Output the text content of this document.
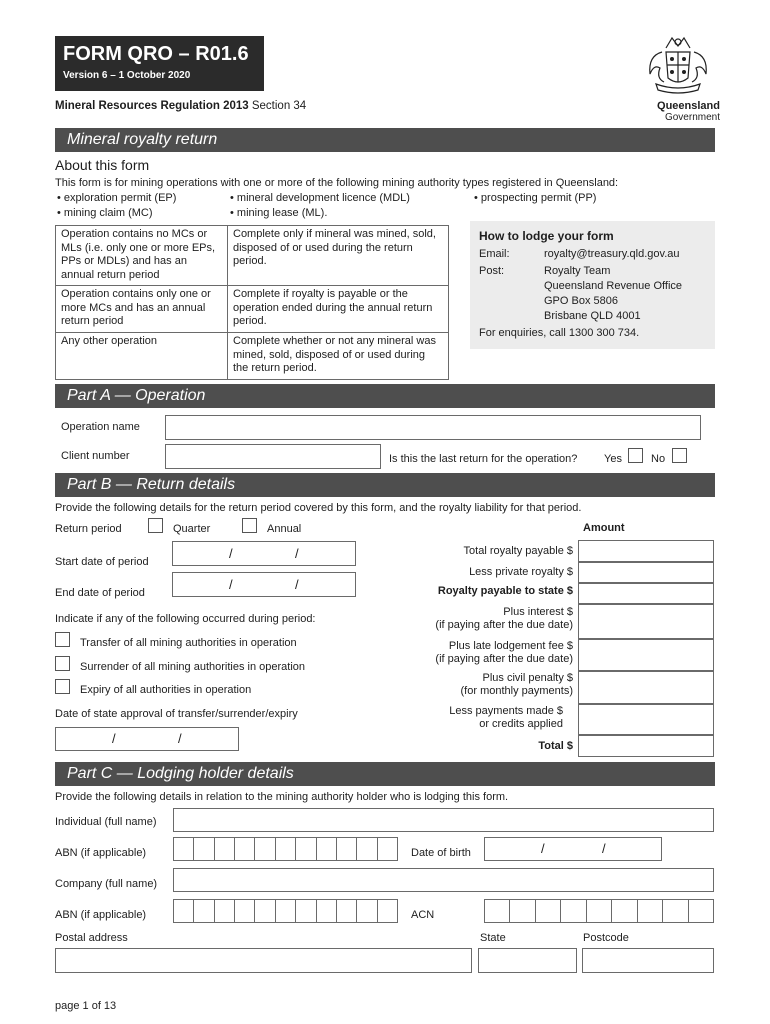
FORM QRO – R01.6
Version 6 – 1 October 2020
Mineral Resources Regulation 2013 Section 34	Queensland
Government
Mineral royalty return
About this form
This form is for mining operations with one or more of the following mining authority types registered in Queensland:
• exploration permit (EP)	• mineral development licence (MDL)	• prospecting permit (PP)
• mining claim (MC)	• mining lease (ML).
Operation contains no MCs or MLs (i.e. only one or more EPs, PPs or MDLs) and has an annual return period	Complete only if mineral was mined, sold, disposed of or used during the return period.
Operation contains only one or more MCs and has an annual return period	Complete if royalty is payable or the operation ended during the annual return period.
Any other operation	Complete whether or not any mineral was mined, sold, disposed of or used during the return period.
How to lodge your form
Email:	royalty@treasury.qld.gov.au
Post:	Royalty Team
Queensland Revenue Office
GPO Box 5806
Brisbane QLD 4001
For enquiries, call 1300 300 734.
Part A — Operation
Operation name
Client number	Is this the last return for the operation? Yes	No
Part B — Return details
Provide the following details for the return period covered by this form, and the royalty liability for that period.
Return period	Quarter	Annual	Amount
Start date of period
/	/
End date of period
/	/
Indicate if any of the following occurred during period:
Transfer of all mining authorities in operation
Surrender of all mining authorities in operation
Expiry of all authorities in operation
Date of state approval of transfer/surrender/expiry
/	/
Total royalty payable $
Less private royalty $
Royalty payable to state $
Plus interest $
(if paying after the due date)
Plus late lodgement fee $
(if paying after the due date)
Plus civil penalty $
(for monthly payments)
Less payments made $
or credits applied
Total $
Part C — Lodging holder details
Provide the following details in relation to the mining authority holder who is lodging this form.
Individual (full name)
ABN (if applicable)	Date of birth	/	/
Company (full name)
ABN (if applicable)	ACN
Postal address	State	Postcode
page 1 of 13
